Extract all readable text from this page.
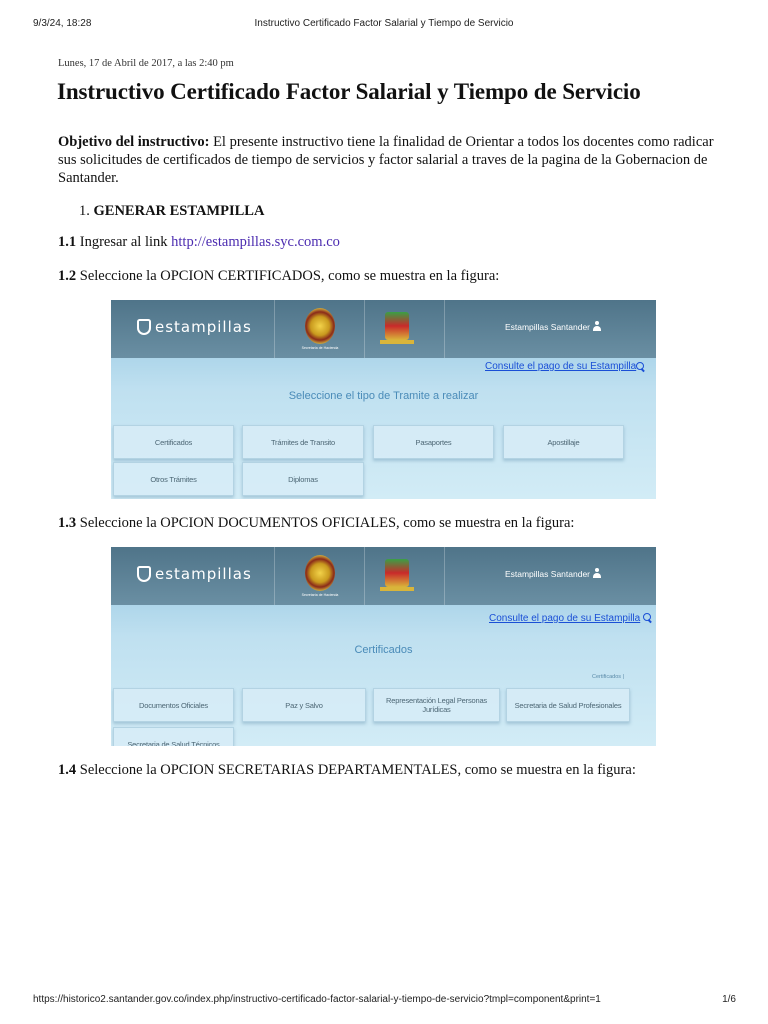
9/3/24, 18:28	Instructivo Certificado Factor Salarial y Tiempo de Servicio
Lunes, 17 de Abril de 2017, a las 2:40 pm
Instructivo Certificado Factor Salarial y Tiempo de Servicio

Objetivo del instructivo: El presente instructivo tiene la finalidad de Orientar a todos los docentes como radicar sus solicitudes de certificados de tiempo de servicios y factor salarial a traves de la pagina de la Gobernacion de Santander.

1. GENERAR ESTAMPILLA
1.1 Ingresar al link http://estampillas.syc.com.co
1.2 Seleccione la OPCION CERTIFICADOS, como se muestra en la figura:
estampillas
Secretaría de Hacienda
Estampillas Santander
Consulte el pago de su Estampilla
Seleccione el tipo de Tramite a realizar
Certificados	Trámites de Transito	Pasaportes	Apostillaje
Otros Trámites	Diplomas
1.3 Seleccione la OPCION DOCUMENTOS OFICIALES, como se muestra en la figura:
estampillas
Secretaría de Hacienda
Estampillas Santander
Consulte el pago de su Estampilla
Certificados
Certificados |
Documentos Oficiales	Paz y Salvo	Representación Legal Personas Jurídicas	Secretaria de Salud Profesionales
Secretaria de Salud Técnicos
1.4 Seleccione la OPCION SECRETARIAS DEPARTAMENTALES, como se muestra en la figura:
https://historico2.santander.gov.co/index.php/instructivo-certificado-factor-salarial-y-tiempo-de-servicio?tmpl=component&print=1	1/6
